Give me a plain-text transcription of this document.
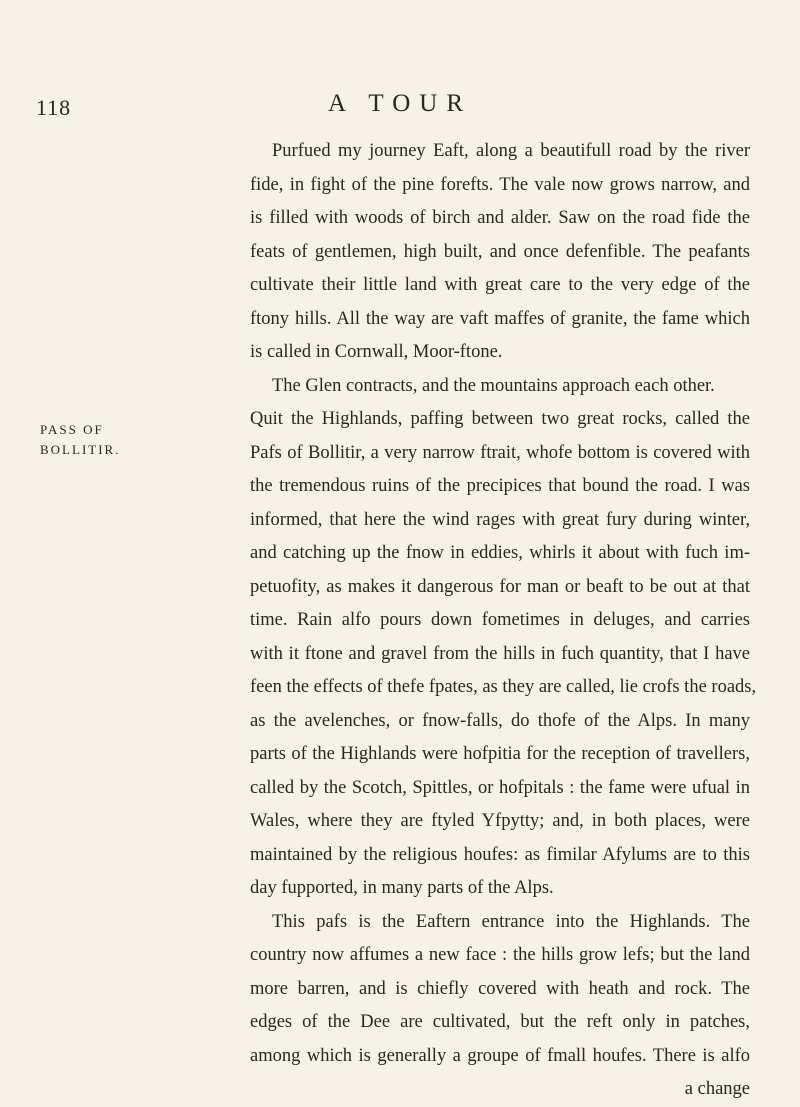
118	A TOUR
PASS OF
BOLLITIR.
Purfued my journey Eaft, along a beautifull road by the river
fide, in fight of the pine forefts. The vale now grows narrow, and
is filled with woods of birch and alder. Saw on the road fide the
feats of gentlemen, high built, and once defenfible. The peafants
cultivate their little land with great care to the very edge of the
ftony hills. All the way are vaft maffes of granite, the fame which
is called in Cornwall, Moor-ftone.
The Glen contracts, and the mountains approach each other.
Quit the Highlands, paffing between two great rocks, called the
Pafs of Bollitir, a very narrow ftrait, whofe bottom is covered with
the tremendous ruins of the precipices that bound the road. I was
informed, that here the wind rages with great fury during winter,
and catching up the fnow in eddies, whirls it about with fuch im-
petuofity, as makes it dangerous for man or beaft to be out at that
time. Rain alfo pours down fometimes in deluges, and carries
with it ftone and gravel from the hills in fuch quantity, that I have
feen the effects of thefe fpates, as they are called, lie crofs the roads,
as the avelenches, or fnow-falls, do thofe of the Alps. In many
parts of the Highlands were hofpitia for the reception of travellers,
called by the Scotch, Spittles, or hofpitals : the fame were ufual in
Wales, where they are ftyled Yfpytty; and, in both places, were
maintained by the religious houfes: as fimilar Afylums are to this
day fupported, in many parts of the Alps.
This pafs is the Eaftern entrance into the Highlands. The
country now affumes a new face : the hills grow lefs; but the land
more barren, and is chiefly covered with heath and rock. The
edges of the Dee are cultivated, but the reft only in patches,
among which is generally a groupe of fmall houfes. There is alfo
a change
